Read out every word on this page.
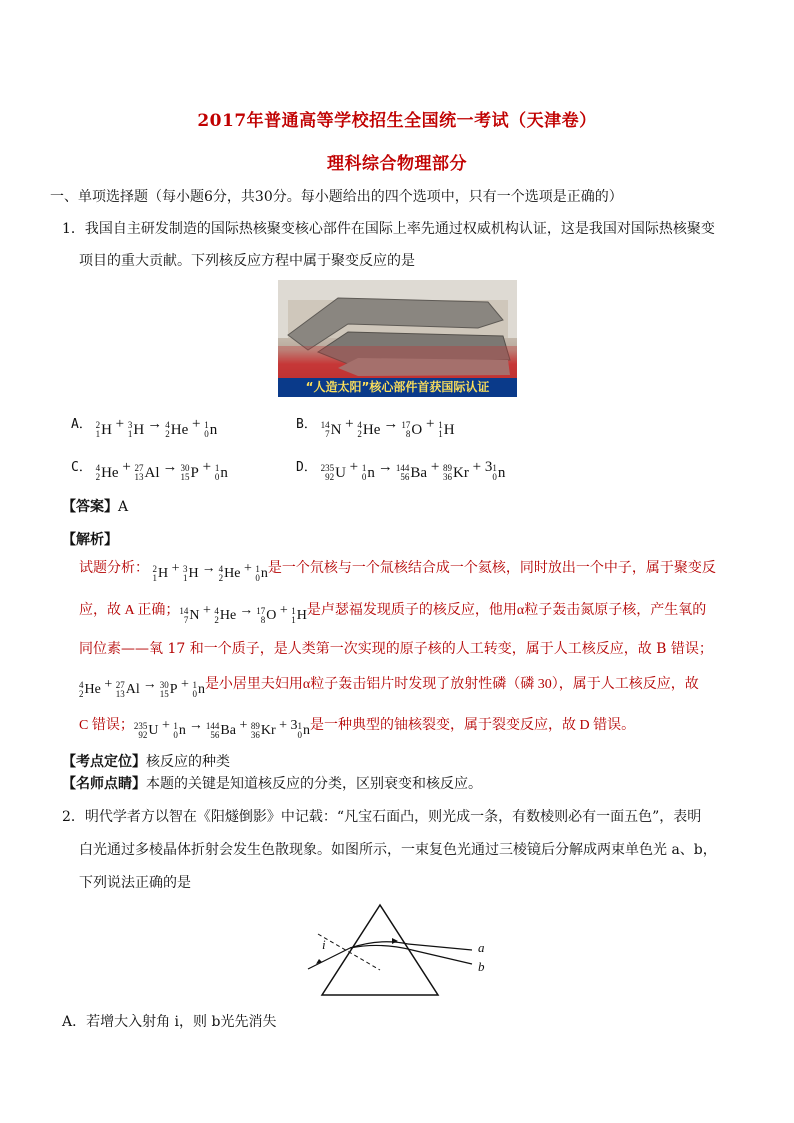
2017年普通高等学校招生全国统一考试（天津卷）
理科综合物理部分
一、单项选择题（每小题6分，共30分。每小题给出的四个选项中，只有一个选项是正确的）
1．我国自主研发制造的国际热核聚变核心部件在国际上率先通过权威机构认证，这是我国对国际热核聚变
项目的重大贡献。下列核反应方程中属于聚变反应的是
“人造太阳”核心部件首获国际认证
A． 2
1 H + 3
1 H → 4
2 He + 1
0 n	B． 14
7 N + 4
2 He → 17
8 O + 1
1 H
C． 4
2 He + 27
13 Al → 30
15 P + 1
0 n	D． 235
92 U + 1
0 n → 144
56 Ba + 89
36 Kr + 3 1
0 n
【答案】A
【解析】
试题分析： 2
1 H + 3
1 H → 4
2 He + 1
0 n是一个氘核与一个氚核结合成一个氦核，同时放出一个中子，属于聚变反
应，故 A 正确； 14
7 N + 4
2 He → 17
8 O + 1
1 H是卢瑟福发现质子的核反应，他用α粒子轰击氮原子核，产生氧的
同位素——氧 17 和一个质子，是人类第一次实现的原子核的人工转变，属于人工核反应，故 B 错误；
4
2 He + 27
13 Al → 30
15 P + 1
0 n是小居里夫妇用α粒子轰击铝片时发现了放射性磷（磷 30），属于人工核反应，故
C 错误； 235
92 U + 1
0 n → 144
56 Ba + 89
36 Kr + 3 1
0 n是一种典型的铀核裂变，属于裂变反应，故 D 错误。
【考点定位】核反应的种类
【名师点睛】本题的关键是知道核反应的分类，区别衰变和核反应。
2．明代学者方以智在《阳燧倒影》中记载：“凡宝石面凸，则光成一条，有数棱则必有一面五色”，表明
白光通过多棱晶体折射会发生色散现象。如图所示，一束复色光通过三棱镜后分解成两束单色光 a、b，
下列说法正确的是
i	a
b
A．若增大入射角 i，则 b光先消失
